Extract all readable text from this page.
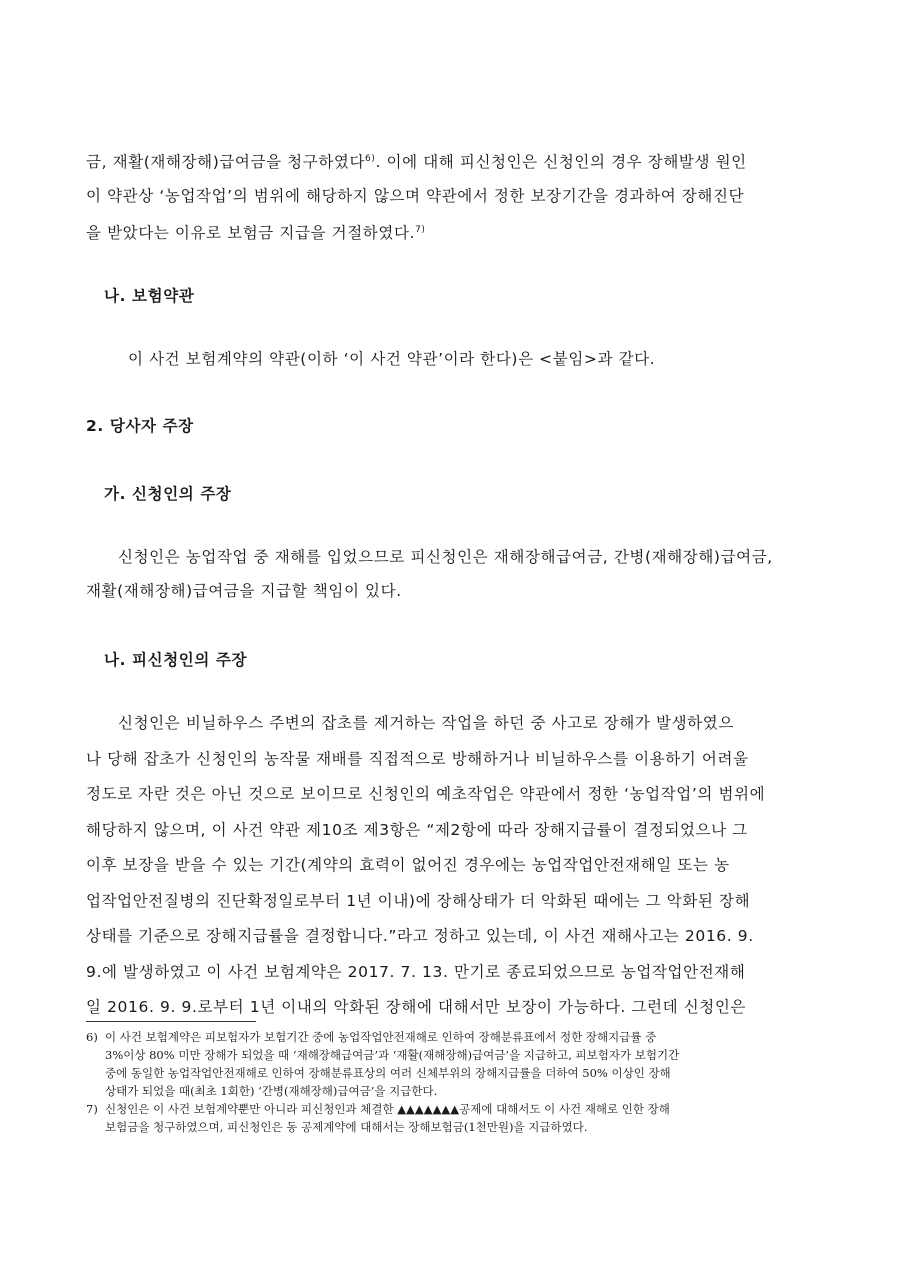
금, 재활(재해장해)급여금을 청구하였다$^{6)}$. 이에 대해 피신청인은 신청인의 경우 장해발생 원인
이 약관상 ‘농업작업’의 범위에 해당하지 않으며 약관에서 정한 보장기간을 경과하여 장해진단
을 받았다는 이유로 보험금 지급을 거절하였다.$^{7)}$
나. 보험약관
이 사건 보험계약의 약관(이하 ‘이 사건 약관’이라 한다)은 <붙임>과 같다.
2. 당사자 주장
가. 신청인의 주장
신청인은 농업작업 중 재해를 입었으므로 피신청인은 재해장해급여금, 간병(재해장해)급여금,
재활(재해장해)급여금을 지급할 책임이 있다.
나. 피신청인의 주장
신청인은 비닐하우스 주변의 잡초를 제거하는 작업을 하던 중 사고로 장해가 발생하였으
나 당해 잡초가 신청인의 농작물 재배를 직접적으로 방해하거나 비닐하우스를 이용하기 어려울
정도로 자란 것은 아닌 것으로 보이므로 신청인의 예초작업은 약관에서 정한 ‘농업작업’의 범위에
해당하지 않으며, 이 사건 약관 제10조 제3항은 “제2항에 따라 장해지급률이 결정되었으나 그
이후 보장을 받을 수 있는 기간(계약의 효력이 없어진 경우에는 농업작업안전재해일 또는 농
업작업안전질병의 진단확정일로부터 1년 이내)에 장해상태가 더 악화된 때에는 그 악화된 장해
상태를 기준으로 장해지급률을 결정합니다.”라고 정하고 있는데, 이 사건 재해사고는 2016. 9.
9.에 발생하였고 이 사건 보험계약은 2017. 7. 13. 만기로 종료되었으므로 농업작업안전재해
일 2016. 9. 9.로부터 1년 이내의 악화된 장해에 대해서만 보장이 가능하다. 그런데 신청인은
6) 이 사건 보험계약은 피보험자가 보험기간 중에 농업작업안전재해로 인하여 장해분류표에서 정한 장해지급률 중
3%이상 80% 미만 장해가 되었을 때 ‘재해장해급여금’과 ‘재활(재해장해)급여금’을 지급하고, 피보험자가 보험기간
중에 동일한 농업작업안전재해로 인하여 장해분류표상의 여러 신체부위의 장해지급률을 더하여 50% 이상인 장해
상태가 되었을 때(최초 1회한) ‘간병(재해장해)급여금’을 지급한다.
7) 신청인은 이 사건 보험계약뿐만 아니라 피신청인과 체결한 ▲▲▲▲▲▲▲공제에 대해서도 이 사건 재해로 인한 장해
보험금을 청구하였으며, 피신청인은 동 공제계약에 대해서는 장해보험금(1천만원)을 지급하였다.
